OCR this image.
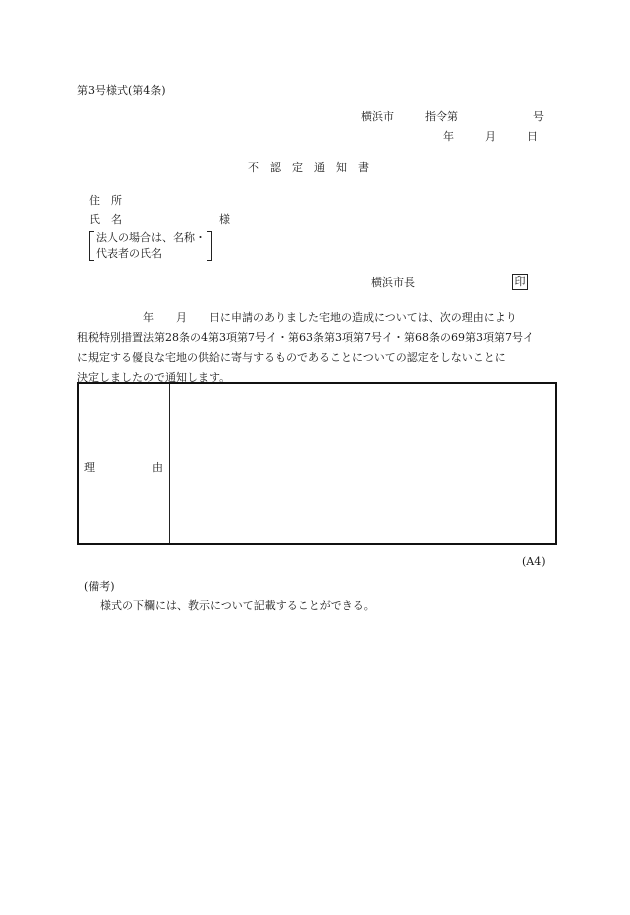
第3号様式(第4条)
横浜市	指令第	号
年	月	日
不　認　定　通　知　書
住　所
氏　名	様
法人の場合は、名称・
代表者の氏名
横浜市長	印
　　　　　　年　　月　　日に申請のありました宅地の造成については、次の理由により
租税特別措置法第28条の4第3項第7号イ・第63条第3項第7号イ・第68条の69第3項第7号イ
に規定する優良な宅地の供給に寄与するものであることについての認定をしないことに
決定しましたので通知します。
理	由
(A4)
(備考)
様式の下欄には、教示について記載することができる。
